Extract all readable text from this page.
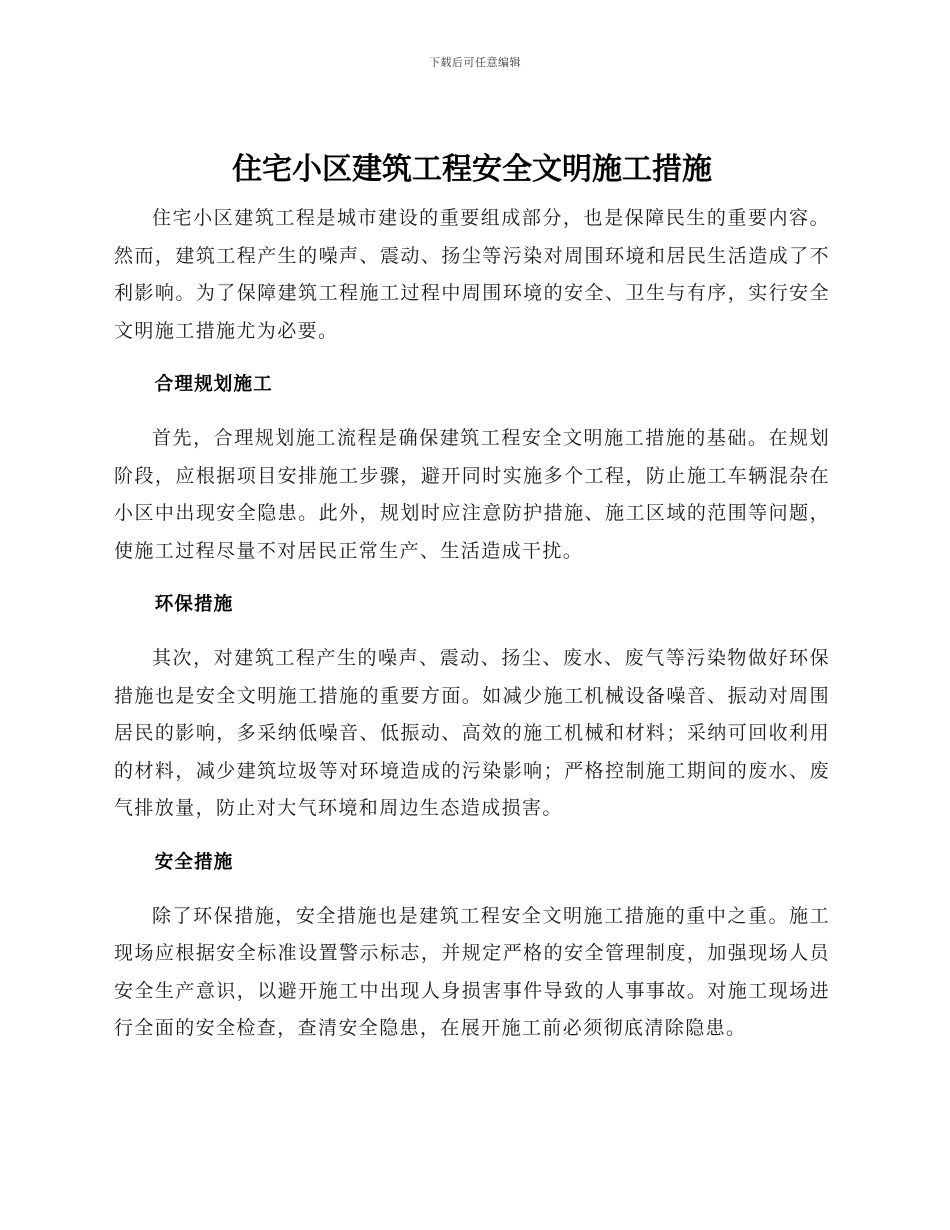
下载后可任意编辑
住宅小区建筑工程安全文明施工措施

住宅小区建筑工程是城市建设的重要组成部分，也是保障民生的重要内容。然而，建筑工程产生的噪声、震动、扬尘等污染对周围环境和居民生活造成了不利影响。为了保障建筑工程施工过程中周围环境的安全、卫生与有序，实行安全文明施工措施尤为必要。

合理规划施工

首先，合理规划施工流程是确保建筑工程安全文明施工措施的基础。在规划阶段，应根据项目安排施工步骤，避开同时实施多个工程，防止施工车辆混杂在小区中出现安全隐患。此外，规划时应注意防护措施、施工区域的范围等问题，使施工过程尽量不对居民正常生产、生活造成干扰。

环保措施

其次，对建筑工程产生的噪声、震动、扬尘、废水、废气等污染物做好环保措施也是安全文明施工措施的重要方面。如减少施工机械设备噪音、振动对周围居民的影响，多采纳低噪音、低振动、高效的施工机械和材料；采纳可回收利用的材料，减少建筑垃圾等对环境造成的污染影响；严格控制施工期间的废水、废气排放量，防止对大气环境和周边生态造成损害。

安全措施

除了环保措施，安全措施也是建筑工程安全文明施工措施的重中之重。施工现场应根据安全标准设置警示标志，并规定严格的安全管理制度，加强现场人员安全生产意识，以避开施工中出现人身损害事件导致的人事事故。对施工现场进行全面的安全检查，查清安全隐患，在展开施工前必须彻底清除隐患。
